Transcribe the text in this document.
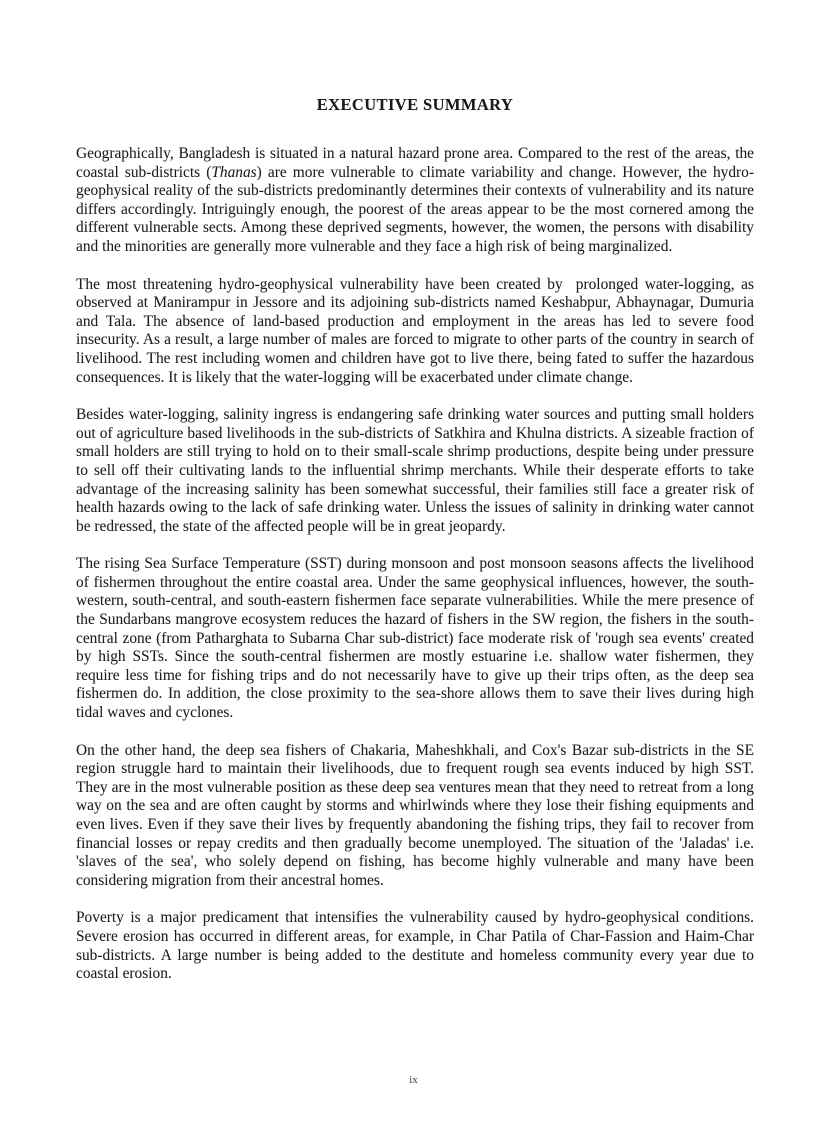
EXECUTIVE SUMMARY

Geographically, Bangladesh is situated in a natural hazard prone area. Compared to the rest of the areas, the coastal sub-districts (Thanas) are more vulnerable to climate variability and change. However, the hydro-geophysical reality of the sub-districts predominantly determines their contexts of vulnerability and its nature differs accordingly. Intriguingly enough, the poorest of the areas appear to be the most cornered among the different vulnerable sects. Among these deprived segments, however, the women, the persons with disability and the minorities are generally more vulnerable and they face a high risk of being marginalized.

The most threatening hydro-geophysical vulnerability have been created by  prolonged water-logging, as observed at Manirampur in Jessore and its adjoining sub-districts named Keshabpur, Abhaynagar, Dumuria and Tala. The absence of land-based production and employment in the areas has led to severe food insecurity. As a result, a large number of males are forced to migrate to other parts of the country in search of livelihood. The rest including women and children have got to live there, being fated to suffer the hazardous consequences. It is likely that the water-logging will be exacerbated under climate change.

Besides water-logging, salinity ingress is endangering safe drinking water sources and putting small holders out of agriculture based livelihoods in the sub-districts of Satkhira and Khulna districts. A sizeable fraction of small holders are still trying to hold on to their small-scale shrimp productions, despite being under pressure to sell off their cultivating lands to the influential shrimp merchants. While their desperate efforts to take advantage of the increasing salinity has been somewhat successful, their families still face a greater risk of health hazards owing to the lack of safe drinking water. Unless the issues of salinity in drinking water cannot be redressed, the state of the affected people will be in great jeopardy.

The rising Sea Surface Temperature (SST) during monsoon and post monsoon seasons affects the livelihood of fishermen throughout the entire coastal area. Under the same geophysical influences, however, the south-western, south-central, and south-eastern fishermen face separate vulnerabilities. While the mere presence of the Sundarbans mangrove ecosystem reduces the hazard of fishers in the SW region, the fishers in the south-central zone (from Patharghata to Subarna Char sub-district) face moderate risk of 'rough sea events' created by high SSTs. Since the south-central fishermen are mostly estuarine i.e. shallow water fishermen, they require less time for fishing trips and do not necessarily have to give up their trips often, as the deep sea fishermen do. In addition, the close proximity to the sea-shore allows them to save their lives during high tidal waves and cyclones.

On the other hand, the deep sea fishers of Chakaria, Maheshkhali, and Cox's Bazar sub-districts in the SE region struggle hard to maintain their livelihoods, due to frequent rough sea events induced by high SST. They are in the most vulnerable position as these deep sea ventures mean that they need to retreat from a long way on the sea and are often caught by storms and whirlwinds where they lose their fishing equipments and even lives. Even if they save their lives by frequently abandoning the fishing trips, they fail to recover from financial losses or repay credits and then gradually become unemployed. The situation of the 'Jaladas' i.e. 'slaves of the sea', who solely depend on fishing, has become highly vulnerable and many have been considering migration from their ancestral homes.

Poverty is a major predicament that intensifies the vulnerability caused by hydro-geophysical conditions. Severe erosion has occurred in different areas, for example, in Char Patila of Char-Fassion and Haim-Char sub-districts. A large number is being added to the destitute and homeless community every year due to coastal erosion.

ix
